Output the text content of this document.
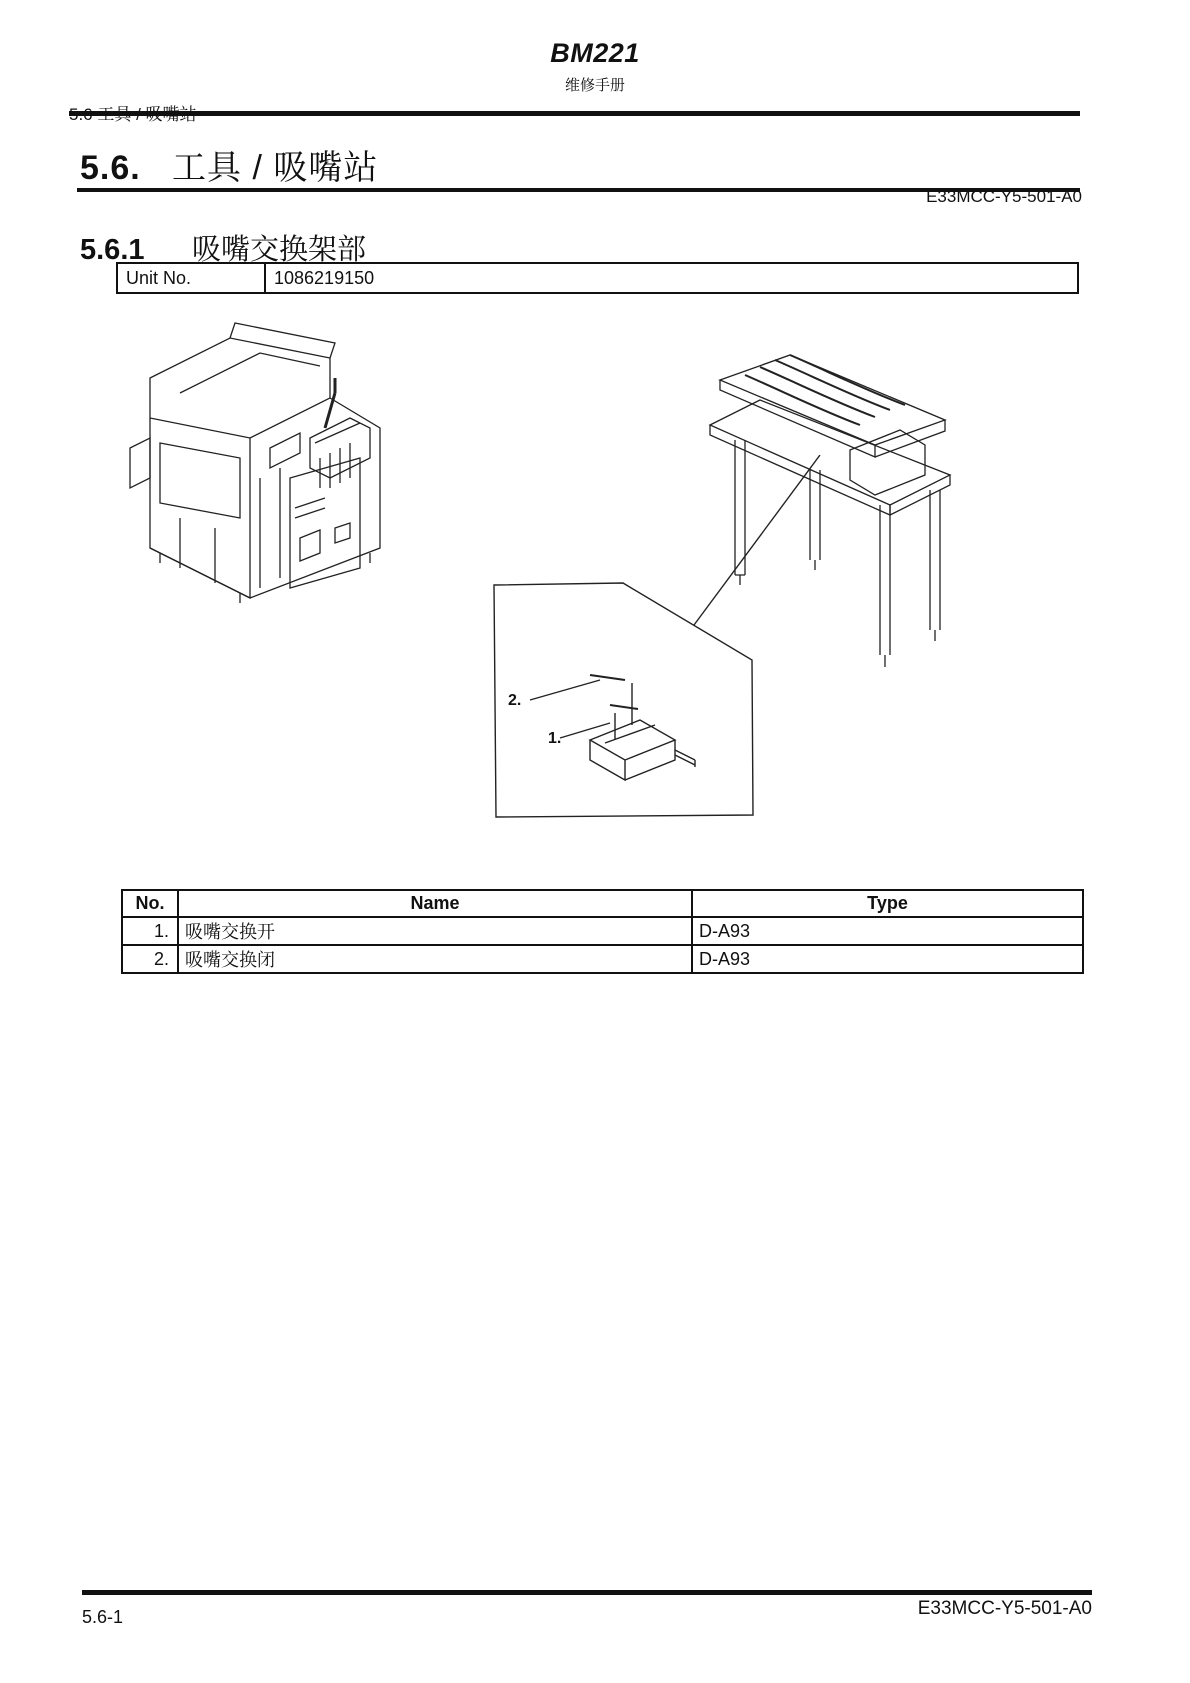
BM221
维修手册
5.6. 工具 / 吸嘴站
E33MCC-Y5-501-A0
5.6.1 吸嘴交换架部
Unit No.	1086219150
2.
1.
No.	Name	Type
1.	吸嘴交换开	D-A93
2.	吸嘴交换闭	D-A93
5.6-1	E33MCC-Y5-501-A0
